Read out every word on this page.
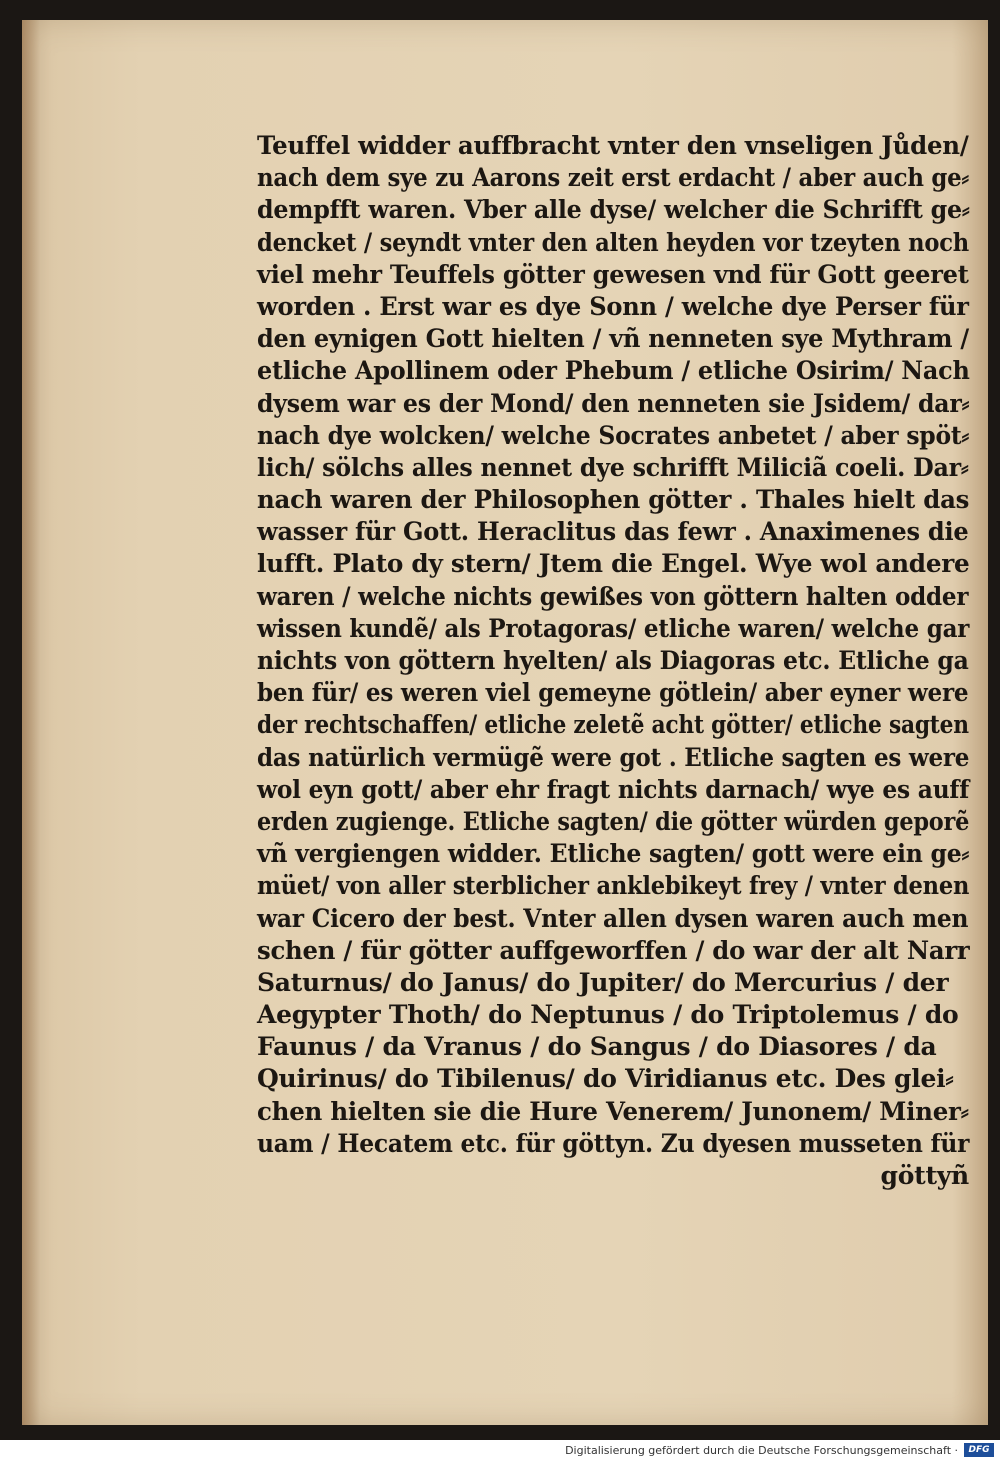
Teuffel widder auffbracht vnter den vnseligen Jůden/
nach dem sye zu Aarons zeit erst erdacht / aber auch ge⸗
dempfft waren. Vber alle dyse/ welcher die Schrifft ge⸗
dencket / seyndt vnter den alten heyden vor tzeyten noch
viel mehr Teuffels götter gewesen vnd für Gott geeret
worden . Erst war es dye Sonn / welche dye Perser für
den eynigen Gott hielten / vñ nenneten sye Mythram /
etliche Apollinem oder Phebum / etliche Osirim/ Nach
dysem war es der Mond/ den nenneten sie Jsidem/ dar⸗
nach dye wolcken/ welche Socrates anbetet / aber spöt⸗
lich/ sölchs alles nennet dye schrifft Miliciã coeli. Dar⸗
nach waren der Philosophen götter . Thales hielt das
wasser für Gott. Heraclitus das fewr . Anaximenes die
lufft. Plato dy stern/ Jtem die Engel. Wye wol andere
waren / welche nichts gewißes von göttern halten odder
wissen kundẽ/ als Protagoras/ etliche waren/ welche gar
nichts von göttern hyelten/ als Diagoras etc. Etliche ga
ben für/ es weren viel gemeyne götlein/ aber eyner were
der rechtschaffen/ etliche zeletẽ acht götter/ etliche sagten
das natürlich vermügẽ were got . Etliche sagten es were
wol eyn gott/ aber ehr fragt nichts darnach/ wye es auff
erden zugienge. Etliche sagten/ die götter würden geporẽ
vñ vergiengen widder. Etliche sagten/ gott were ein ge⸗
müet/ von aller sterblicher anklebikeyt frey / vnter denen
war Cicero der best. Vnter allen dysen waren auch men
schen / für götter auffgeworffen / do war der alt Narr
Saturnus/ do Janus/ do Jupiter/ do Mercurius / der
Aegypter Thoth/ do Neptunus / do Triptolemus / do
Faunus / da Vranus / do Sangus / do Diasores / da
Quirinus/ do Tibilenus/ do Viridianus etc. Des glei⸗
chen hielten sie die Hure Venerem/ Junonem/ Miner⸗
uam / Hecatem etc. für göttyn. Zu dyesen musseten für
göttyñ
Digitalisierung gefördert durch die Deutsche Forschungsgemeinschaft ·	DFG
